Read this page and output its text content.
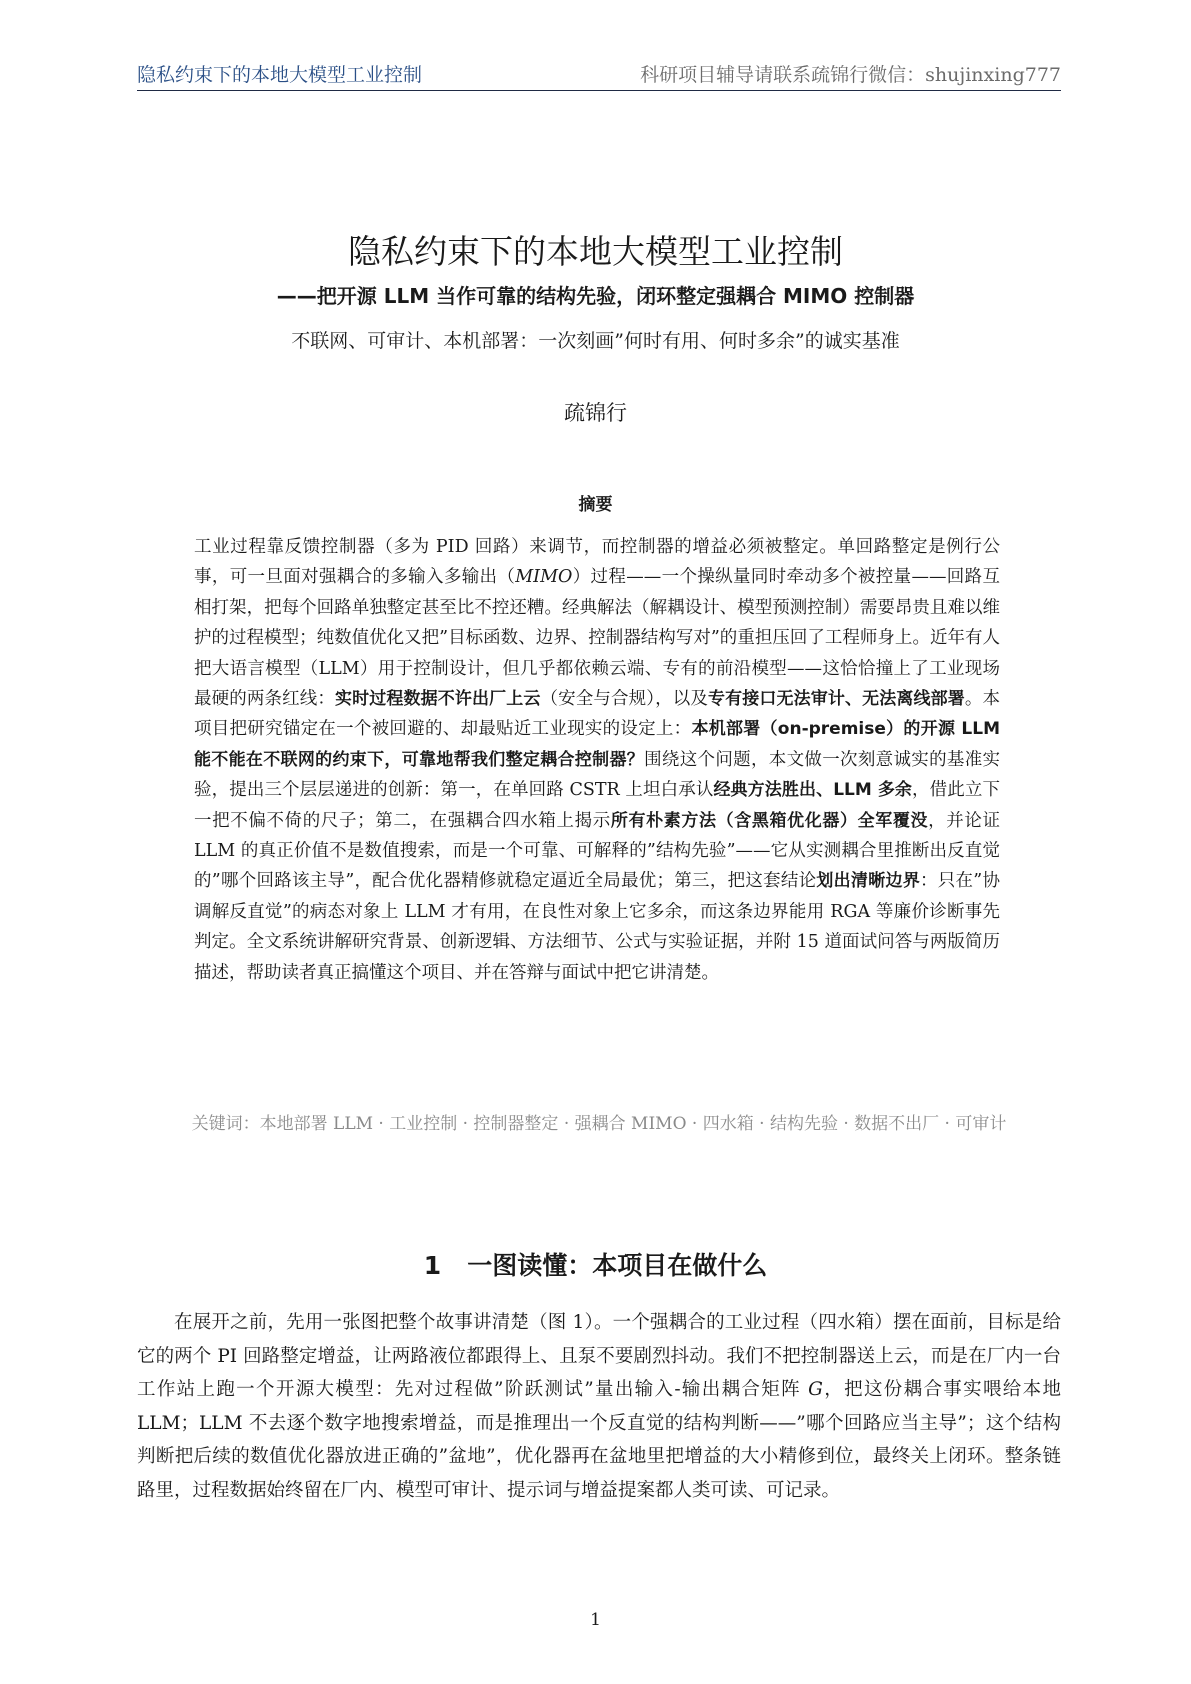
隐私约束下的本地大模型工业控制	科研项目辅导请联系疏锦行微信：shujinxing777
隐私约束下的本地大模型工业控制
——把开源 LLM 当作可靠的结构先验，闭环整定强耦合 MIMO 控制器
不联网、可审计、本机部署：一次刻画”何时有用、何时多余”的诚实基准
疏锦行
摘要

工业过程靠反馈控制器（多为 PID 回路）来调节，而控制器的增益必须被整定。单回路整定是例行公事，可一旦面对强耦合的多输入多输出（MIMO）过程——一个操纵量同时牵动多个被控量——回路互相打架，把每个回路单独整定甚至比不控还糟。经典解法（解耦设计、模型预测控制）需要昂贵且难以维护的过程模型；纯数值优化又把”目标函数、边界、控制器结构写对”的重担压回了工程师身上。近年有人把大语言模型（LLM）用于控制设计，但几乎都依赖云端、专有的前沿模型——这恰恰撞上了工业现场最硬的两条红线：实时过程数据不许出厂上云（安全与合规），以及专有接口无法审计、无法离线部署。本项目把研究锚定在一个被回避的、却最贴近工业现实的设定上：本机部署（on-premise）的开源 LLM 能不能在不联网的约束下，可靠地帮我们整定耦合控制器？围绕这个问题，本文做一次刻意诚实的基准实验，提出三个层层递进的创新：第一，在单回路 CSTR 上坦白承认经典方法胜出、LLM 多余，借此立下一把不偏不倚的尺子；第二，在强耦合四水箱上揭示所有朴素方法（含黑箱优化器）全军覆没，并论证 LLM 的真正价值不是数值搜索，而是一个可靠、可解释的”结构先验”——它从实测耦合里推断出反直觉的”哪个回路该主导”，配合优化器精修就稳定逼近全局最优；第三，把这套结论划出清晰边界：只在”协调解反直觉”的病态对象上 LLM 才有用，在良性对象上它多余，而这条边界能用 RGA 等廉价诊断事先判定。全文系统讲解研究背景、创新逻辑、方法细节、公式与实验证据，并附 15 道面试问答与两版简历描述，帮助读者真正搞懂这个项目、并在答辩与面试中把它讲清楚。

关键词：本地部署 LLM · 工业控制 · 控制器整定 · 强耦合 MIMO · 四水箱 · 结构先验 · 数据不出厂 · 可审计
1 一图读懂：本项目在做什么

在展开之前，先用一张图把整个故事讲清楚（图 1）。一个强耦合的工业过程（四水箱）摆在面前，目标是给它的两个 PI 回路整定增益，让两路液位都跟得上、且泵不要剧烈抖动。我们不把控制器送上云，而是在厂内一台工作站上跑一个开源大模型：先对过程做”阶跃测试”量出输入-输出耦合矩阵 G，把这份耦合事实喂给本地 LLM；LLM 不去逐个数字地搜索增益，而是推理出一个反直觉的结构判断——”哪个回路应当主导”；这个结构判断把后续的数值优化器放进正确的”盆地”，优化器再在盆地里把增益的大小精修到位，最终关上闭环。整条链路里，过程数据始终留在厂内、模型可审计、提示词与增益提案都人类可读、可记录。

1
